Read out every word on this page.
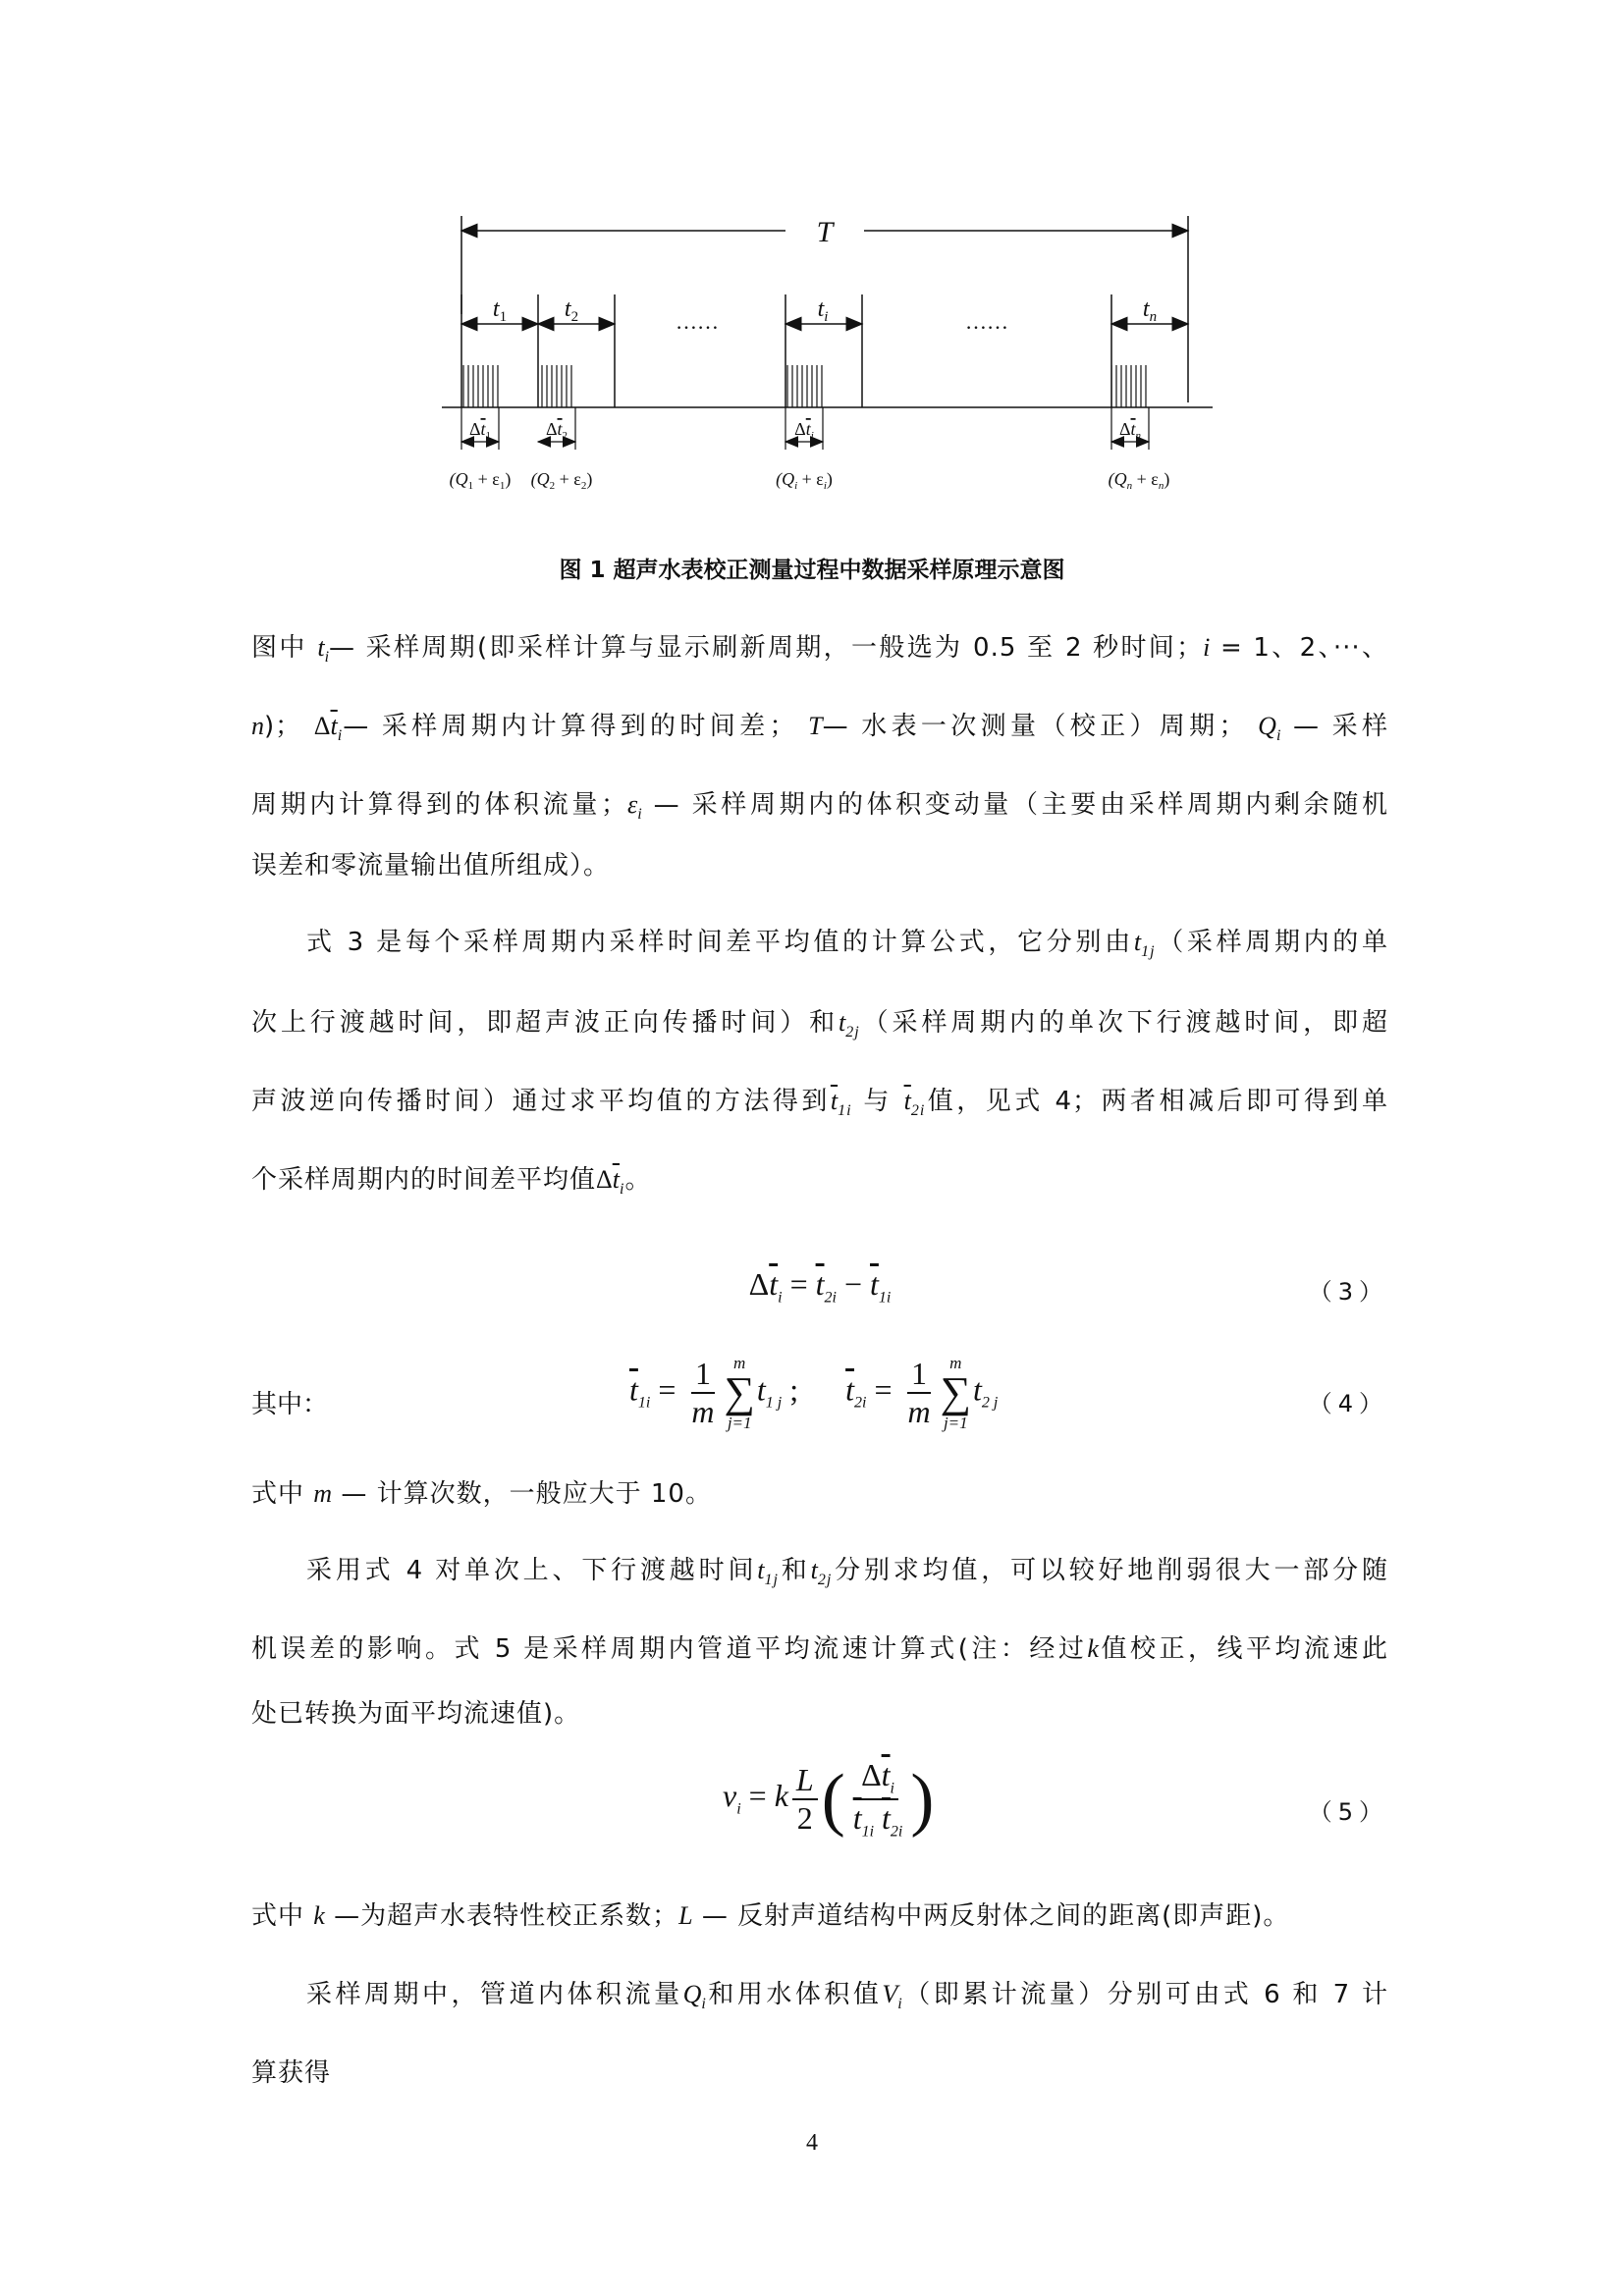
T
$t_1$
$\Delta t_1$
$(Q_1 + \varepsilon_1)$
$t_2$
$\Delta t_2$
$(Q_2 + \varepsilon_2)$
……	$t_i$
$\Delta t_i$
$(Q_i + \varepsilon_i)$
……	$t_n$
$\Delta t_n$
$(Q_n + \varepsilon_n)$
图 1 超声水表校正测量过程中数据采样原理示意图
图中 $t_i—$ 采样周期(即采样计算与显示刷新周期，一般选为 0.5 至 2 秒时间；i = 1、2、···、
n)； $\Delta\overline{t}_i—$ 采样周期内计算得到的时间差； T— 水表一次测量（校正）周期； $Q_i$ — 采样
周期内计算得到的体积流量；$\varepsilon_i$ — 采样周期内的体积变动量（主要由采样周期内剩余随机
误差和零流量输出值所组成）。
式 3 是每个采样周期内采样时间差平均值的计算公式，它分别由$t_{1j}$（采样周期内的单
次上行渡越时间，即超声波正向传播时间）和$t_{2j}$（采样周期内的单次下行渡越时间，即超
声波逆向传播时间）通过求平均值的方法得到$\overline{t}_{1i}$ 与 $\overline{t}_{2i}$值，见式 4；两者相减后即可得到单
个采样周期内的时间差平均值$\Delta\overline{t}_i$。
$\Delta\overline{t}_i = \overline{t}_{2i} - \overline{t}_{1i}$	（3）
其中：	$\overline{t}_{1i} = \frac{1}{m}$ m
∑
j=1
$t_{1 j}$ ;      $\overline{t}_{2i} = \frac{1}{m}$ m
∑
j=1
$t_{2 j}$	（4）
式中 m — 计算次数，一般应大于 10。
采用式 4 对单次上、下行渡越时间$t_{1j}$和$t_{2j}$分别求均值，可以较好地削弱很大一部分随
机误差的影响。式 5 是采样周期内管道平均流速计算式(注：经过k值校正，线平均流速此
处已转换为面平均流速值)。
$v_i = k \frac{L}{2}$ ( $\frac{\Delta\overline{t}_i}{\overline{t}_{1i} \overline{t}_{2i}}$ )	（5）
式中 k —为超声水表特性校正系数；L — 反射声道结构中两反射体之间的距离(即声距)。
采样周期中，管道内体积流量$Q_i$和用水体积值$V_i$（即累计流量）分别可由式 6 和 7 计
算获得
4
